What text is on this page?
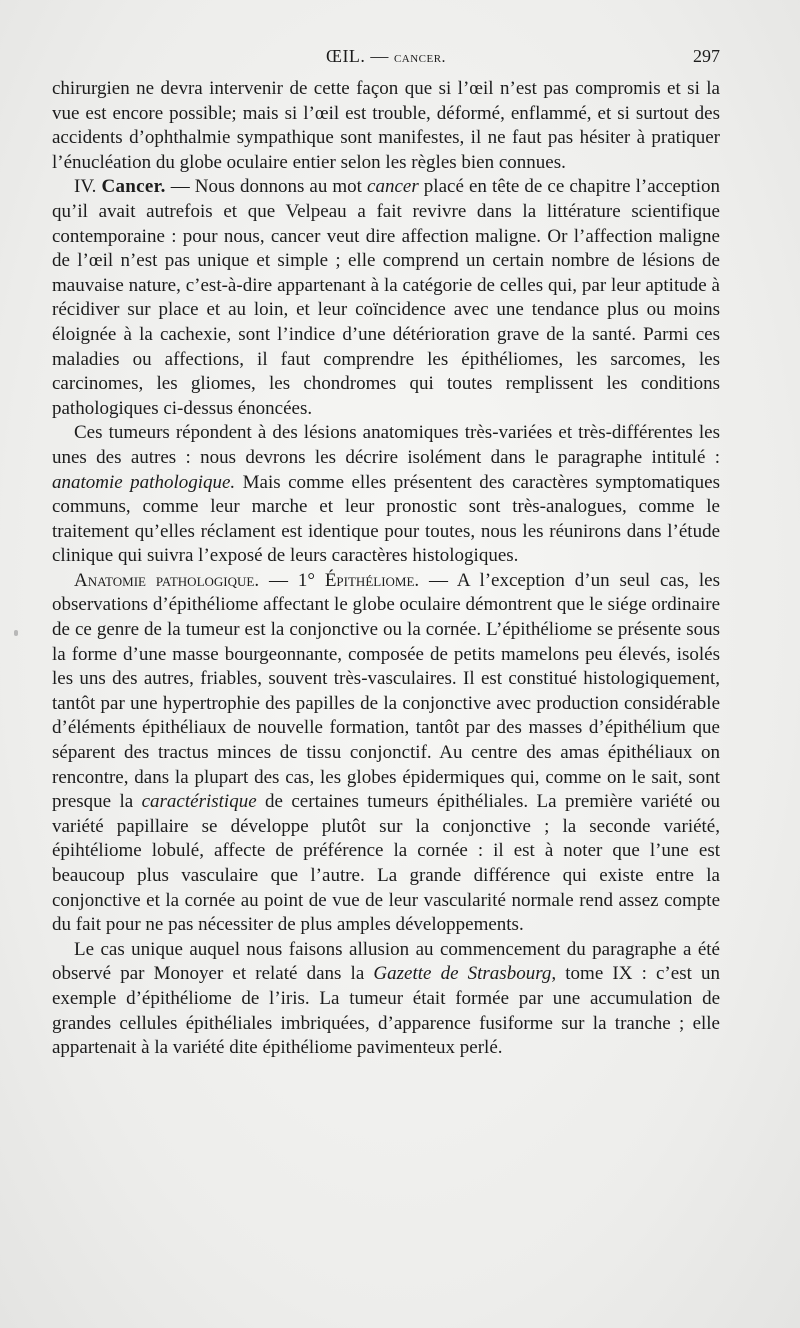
ŒIL. — cancer.	297

chirurgien ne devra intervenir de cette façon que si l’œil n’est pas compromis et si la vue est encore possible; mais si l’œil est trouble, déformé, enflammé, et si surtout des accidents d’ophthalmie sympathique sont manifestes, il ne faut pas hésiter à pratiquer l’énucléation du globe oculaire entier selon les règles bien connues.

IV. Cancer. — Nous donnons au mot cancer placé en tête de ce chapitre l’acception qu’il avait autrefois et que Velpeau a fait revivre dans la littérature scientifique contemporaine : pour nous, cancer veut dire affection maligne. Or l’affection maligne de l’œil n’est pas unique et simple ; elle comprend un certain nombre de lésions de mauvaise nature, c’est-à-dire appartenant à la catégorie de celles qui, par leur aptitude à récidiver sur place et au loin, et leur coïncidence avec une tendance plus ou moins éloignée à la cachexie, sont l’indice d’une détérioration grave de la santé. Parmi ces maladies ou affections, il faut comprendre les épithéliomes, les sarcomes, les carcinomes, les gliomes, les chondromes qui toutes remplissent les conditions pathologiques ci-dessus énoncées.

Ces tumeurs répondent à des lésions anatomiques très-variées et très-différentes les unes des autres : nous devrons les décrire isolément dans le paragraphe intitulé : anatomie pathologique. Mais comme elles présentent des caractères symptomatiques communs, comme leur marche et leur pronostic sont très-analogues, comme le traitement qu’elles réclament est identique pour toutes, nous les réunirons dans l’étude clinique qui suivra l’exposé de leurs caractères histologiques.

Anatomie pathologique. — 1° Épithéliome. — A l’exception d’un seul cas, les observations d’épithéliome affectant le globe oculaire démontrent que le siége ordinaire de ce genre de la tumeur est la conjonctive ou la cornée. L’épithéliome se présente sous la forme d’une masse bourgeonnante, composée de petits mamelons peu élevés, isolés les uns des autres, friables, souvent très-vasculaires. Il est constitué histologiquement, tantôt par une hypertrophie des papilles de la conjonctive avec production considérable d’éléments épithéliaux de nouvelle formation, tantôt par des masses d’épithélium que séparent des tractus minces de tissu conjonctif. Au centre des amas épithéliaux on rencontre, dans la plupart des cas, les globes épidermiques qui, comme on le sait, sont presque la caractéristique de certaines tumeurs épithéliales. La première variété ou variété papillaire se développe plutôt sur la conjonctive ; la seconde variété, épihtéliome lobulé, affecte de préférence la cornée : il est à noter que l’une est beaucoup plus vasculaire que l’autre. La grande différence qui existe entre la conjonctive et la cornée au point de vue de leur vascularité normale rend assez compte du fait pour ne pas nécessiter de plus amples développements.

Le cas unique auquel nous faisons allusion au commencement du paragraphe a été observé par Monoyer et relaté dans la Gazette de Strasbourg, tome IX : c’est un exemple d’épithéliome de l’iris. La tumeur était formée par une accumulation de grandes cellules épithéliales imbriquées, d’apparence fusiforme sur la tranche ; elle appartenait à la variété dite épithéliome pavimenteux perlé.
